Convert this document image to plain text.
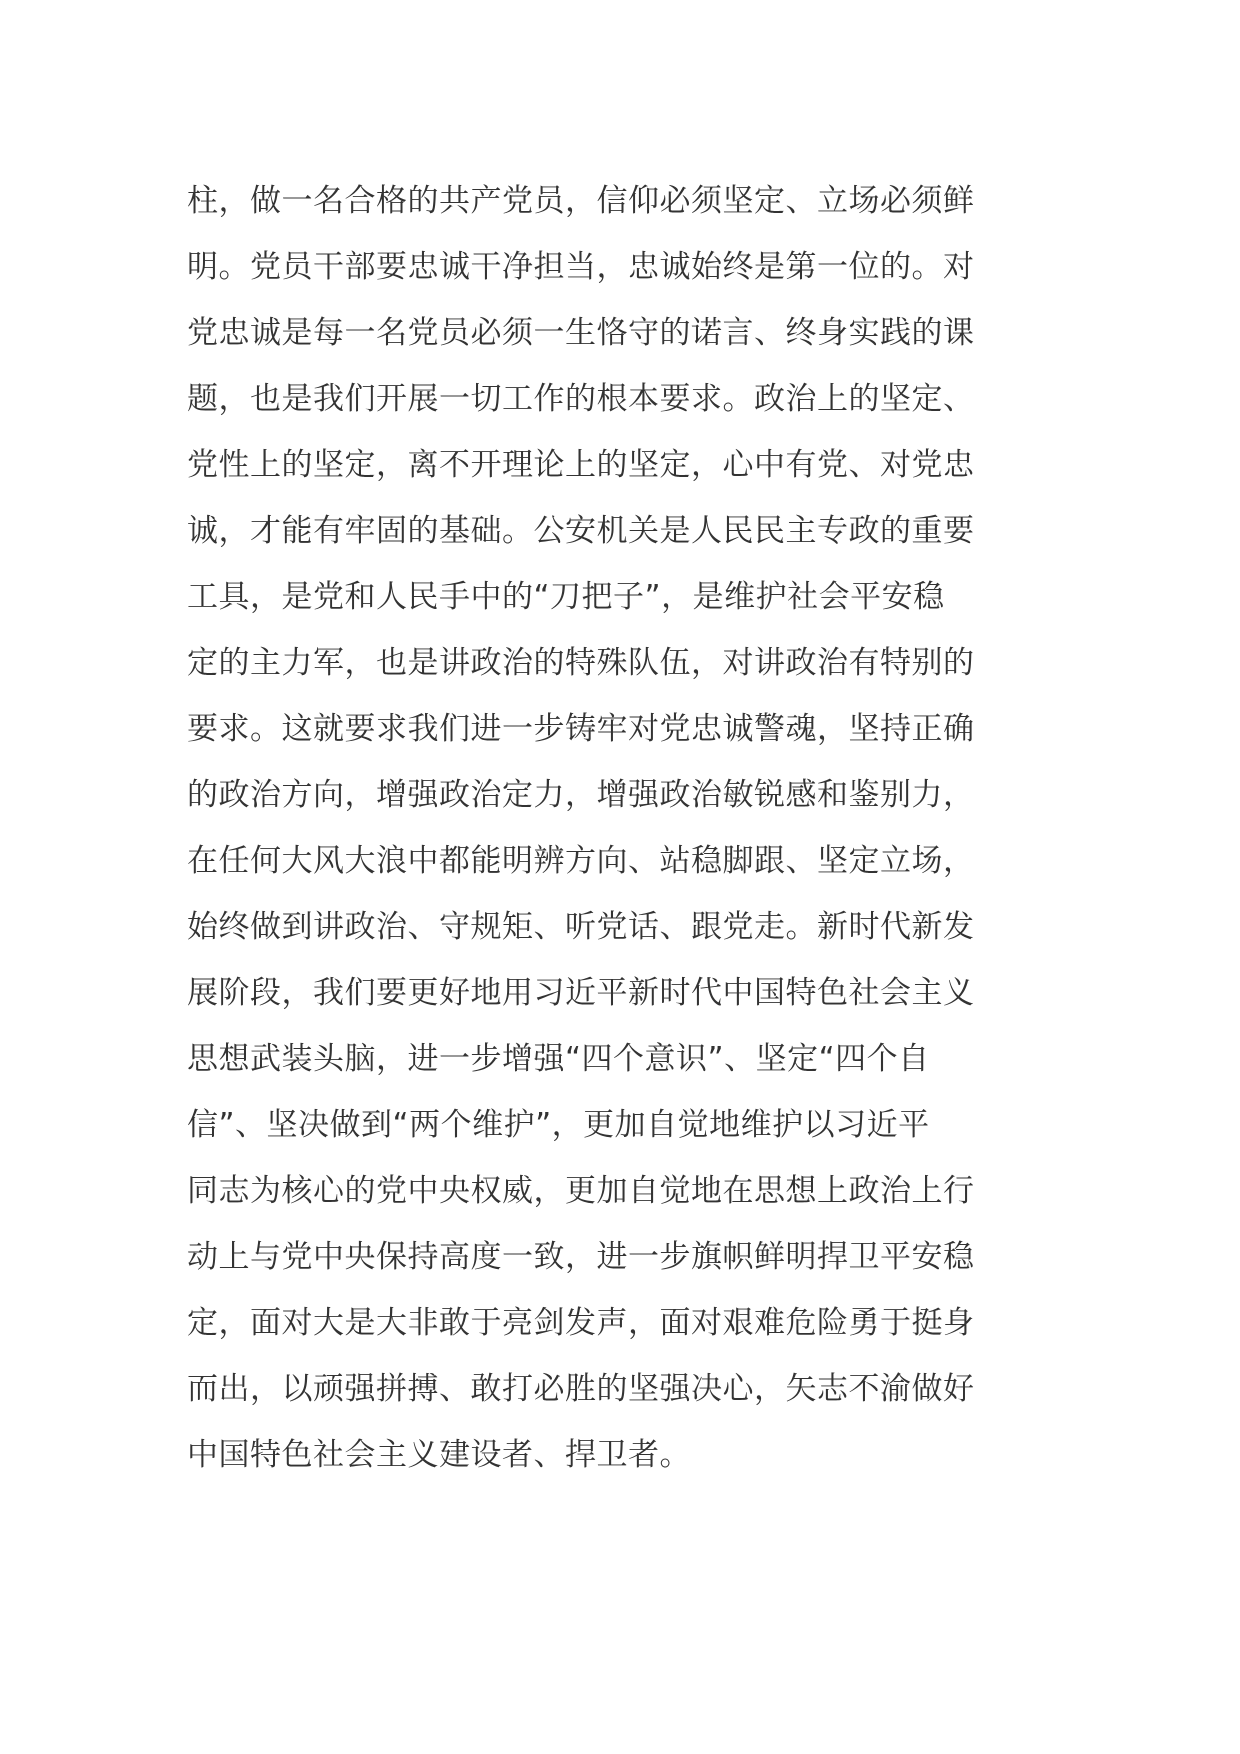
柱，做一名合格的共产党员，信仰必须坚定、立场必须鲜
明。党员干部要忠诚干净担当，忠诚始终是第一位的。对
党忠诚是每一名党员必须一生恪守的诺言、终身实践的课
题，也是我们开展一切工作的根本要求。政治上的坚定、
党性上的坚定，离不开理论上的坚定，心中有党、对党忠
诚，才能有牢固的基础。公安机关是人民民主专政的重要
工具，是党和人民手中的“刀把子”，是维护社会平安稳
定的主力军，也是讲政治的特殊队伍，对讲政治有特别的
要求。这就要求我们进一步铸牢对党忠诚警魂，坚持正确
的政治方向，增强政治定力，增强政治敏锐感和鉴别力，
在任何大风大浪中都能明辨方向、站稳脚跟、坚定立场，
始终做到讲政治、守规矩、听党话、跟党走。新时代新发
展阶段，我们要更好地用习近平新时代中国特色社会主义
思想武装头脑，进一步增强“四个意识”、坚定“四个自
信”、坚决做到“两个维护”，更加自觉地维护以习近平
同志为核心的党中央权威，更加自觉地在思想上政治上行
动上与党中央保持高度一致，进一步旗帜鲜明捍卫平安稳
定，面对大是大非敢于亮剑发声，面对艰难危险勇于挺身
而出，以顽强拼搏、敢打必胜的坚强决心，矢志不渝做好
中国特色社会主义建设者、捍卫者。
